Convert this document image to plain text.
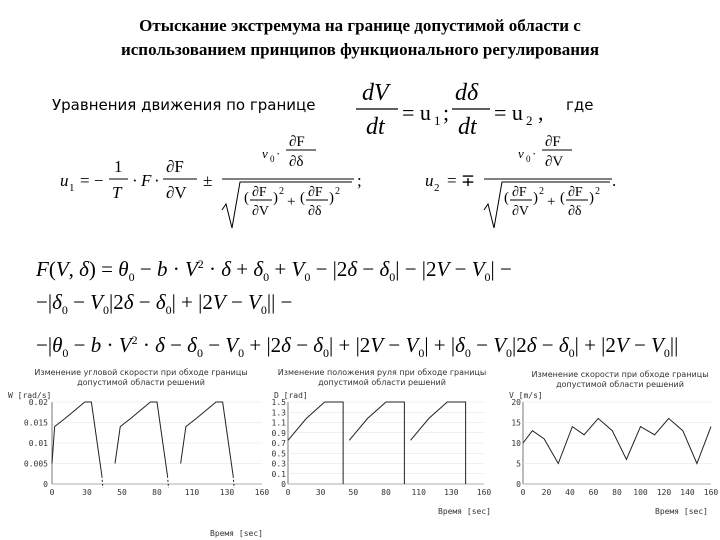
Отыскание экстремума на границе допустимой области с
использованием принципов функционального регулирования
Уравнения движения по границе	где
dV
dt
= u 1 ;
dδ
dt
= u 2 ,
u 1 = −
1
T
· F ·
∂F
∂V
±
v 0 ·
∂F
∂δ
( ∂F
∂V
) 2
+ ( ∂F
∂δ
) 2
;	u 2 = ∓
v 0 ·
∂F
∂V
( ∂F
∂V
) 2
+ ( ∂F
∂δ
) 2
.
F(V, $\delta) = \theta_0 - b \cdot V^2 \cdot \delta + \delta_0 + V_0 - |2\delta - \delta_0| - |2V - V_0|$ −
$-|\delta_0 - V_0|2\delta - \delta_0| + |2V - V_0||$ −
$-|\theta_0 - b \cdot V^2 \cdot \delta - \delta_0 - V_0 + |2\delta - \delta_0| + |2V - V_0| + |\delta_0 - V_0|2\delta - \delta_0| + |2V - V_0||$
Изменение угловой скорости при обходе границы допустимой области решений
W [rad/s]
0
0.005
0.01
0.015
0.02
0	30	50	80	110	130	160
Время [sec]
Изменение положения руля при обходе границы допустимой области решений
D [rad]
0
0.1
0.3
0.5
0.7
0.9
1.1
1.3
1.5
0	30	50	80	110 130 160
Время [sec]
Изменение скорости при обходе границы допустимой области решений
V [m/s]
0
5
10
15
20
0 20 40 60 80 100 120 140 160
Время [sec]
